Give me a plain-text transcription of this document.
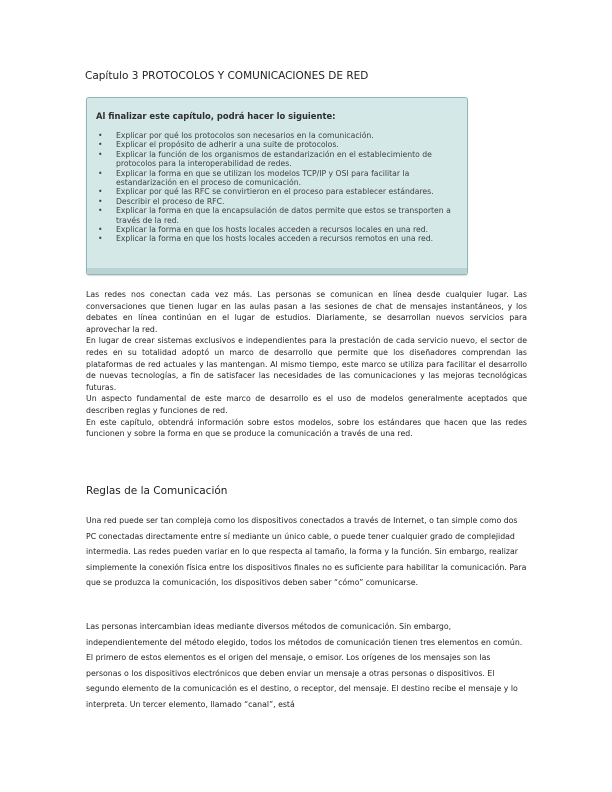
Capítulo 3 PROTOCOLOS Y COMUNICACIONES DE RED
Al finalizar este capítulo, podrá hacer lo siguiente:
• Explicar por qué los protocolos son necesarios en la comunicación.
• Explicar el propósito de adherir a una suite de protocolos.
• Explicar la función de los organismos de estandarización en el establecimiento de protocolos para la interoperabilidad de redes.
• Explicar la forma en que se utilizan los modelos TCP/IP y OSI para facilitar la estandarización en el proceso de comunicación.
• Explicar por qué las RFC se convirtieron en el proceso para establecer estándares.
• Describir el proceso de RFC.
• Explicar la forma en que la encapsulación de datos permite que estos se transporten a través de la red.
• Explicar la forma en que los hosts locales acceden a recursos locales en una red.
• Explicar la forma en que los hosts locales acceden a recursos remotos en una red.

Las redes nos conectan cada vez más. Las personas se comunican en línea desde cualquier lugar. Las conversaciones que tienen lugar en las aulas pasan a las sesiones de chat de mensajes instantáneos, y los debates en línea continúan en el lugar de estudios. Diariamente, se desarrollan nuevos servicios para aprovechar la red.

En lugar de crear sistemas exclusivos e independientes para la prestación de cada servicio nuevo, el sector de redes en su totalidad adoptó un marco de desarrollo que permite que los diseñadores comprendan las plataformas de red actuales y las mantengan. Al mismo tiempo, este marco se utiliza para facilitar el desarrollo de nuevas tecnologías, a fin de satisfacer las necesidades de las comunicaciones y las mejoras tecnológicas futuras.

Un aspecto fundamental de este marco de desarrollo es el uso de modelos generalmente aceptados que describen reglas y funciones de red.

En este capítulo, obtendrá información sobre estos modelos, sobre los estándares que hacen que las redes funcionen y sobre la forma en que se produce la comunicación a través de una red.

Reglas de la Comunicación

Una red puede ser tan compleja como los dispositivos conectados a través de Internet, o tan simple como dos PC conectadas directamente entre sí mediante un único cable, o puede tener cualquier grado de complejidad intermedia. Las redes pueden variar en lo que respecta al tamaño, la forma y la función. Sin embargo, realizar simplemente la conexión física entre los dispositivos finales no es suficiente para habilitar la comunicación. Para que se produzca la comunicación, los dispositivos deben saber “cómo” comunicarse.

Las personas intercambian ideas mediante diversos métodos de comunicación. Sin embargo, independientemente del método elegido, todos los métodos de comunicación tienen tres elementos en común. El primero de estos elementos es el origen del mensaje, o emisor. Los orígenes de los mensajes son las personas o los dispositivos electrónicos que deben enviar un mensaje a otras personas o dispositivos. El segundo elemento de la comunicación es el destino, o receptor, del mensaje. El destino recibe el mensaje y lo interpreta. Un tercer elemento, llamado “canal”, está
